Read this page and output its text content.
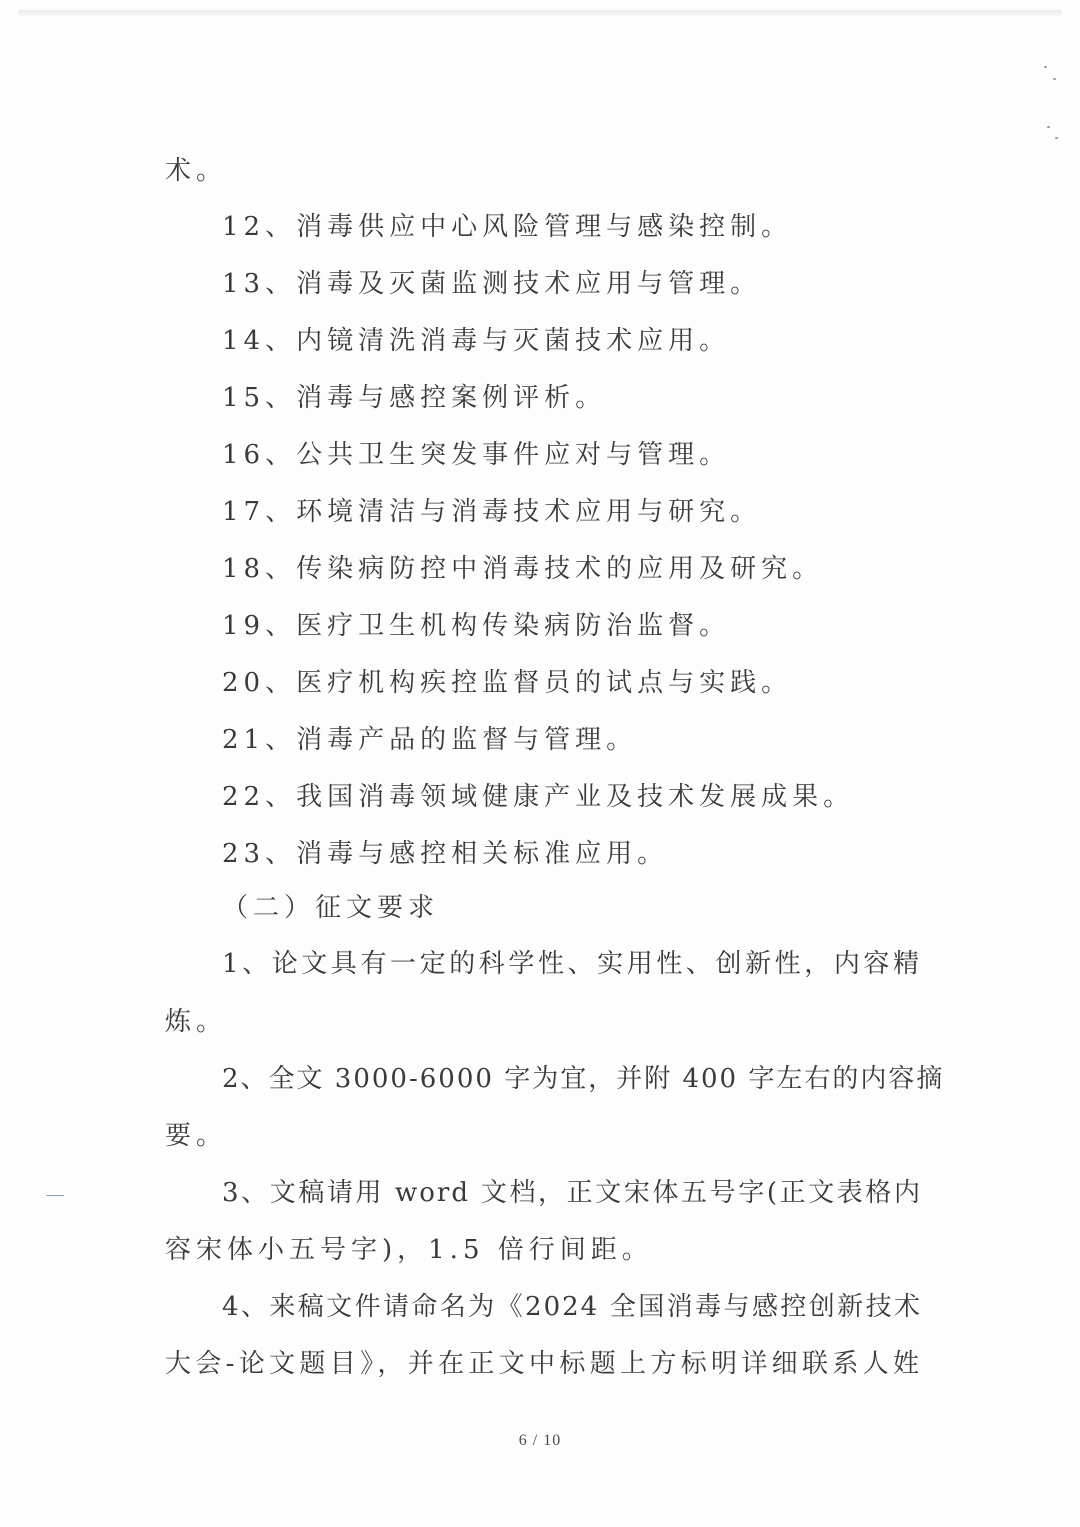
术。
12、消毒供应中心风险管理与感染控制。
13、消毒及灭菌监测技术应用与管理。
14、内镜清洗消毒与灭菌技术应用。
15、消毒与感控案例评析。
16、公共卫生突发事件应对与管理。
17、环境清洁与消毒技术应用与研究。
18、传染病防控中消毒技术的应用及研究。
19、医疗卫生机构传染病防治监督。
20、医疗机构疾控监督员的试点与实践。
21、消毒产品的监督与管理。
22、我国消毒领域健康产业及技术发展成果。
23、消毒与感控相关标准应用。
（二）征文要求
1、论文具有一定的科学性、实用性、创新性，内容精
炼。
2、全文 3000-6000 字为宜，并附 400 字左右的内容摘
要。
3、文稿请用 word 文档，正文宋体五号字(正文表格内
容宋体小五号字)，1.5 倍行间距。
4、来稿文件请命名为《2024 全国消毒与感控创新技术
大会-论文题目》，并在正文中标题上方标明详细联系人姓
6 / 10
